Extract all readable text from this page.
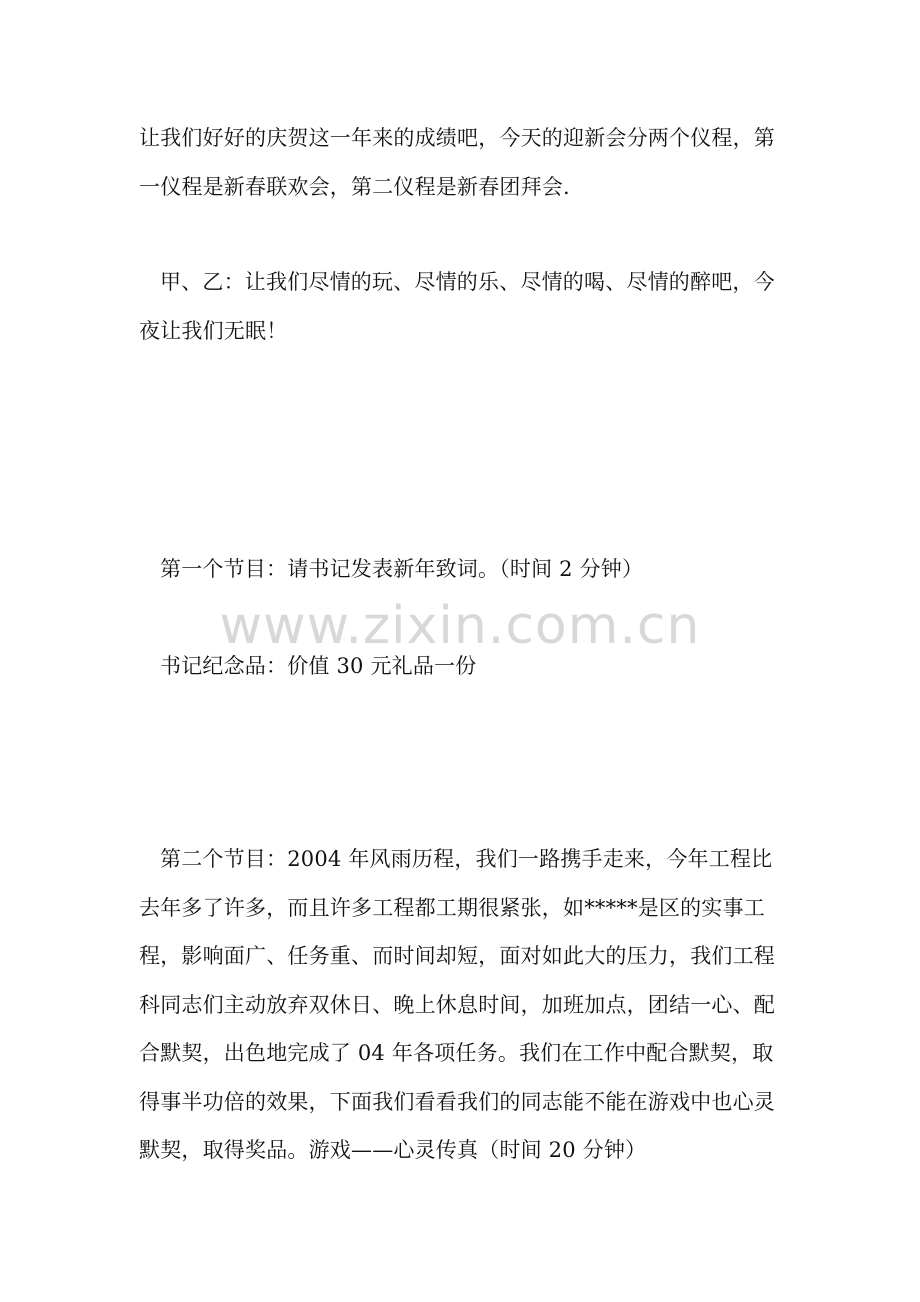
让我们好好的庆贺这一年来的成绩吧，今天的迎新会分两个仪程，第
一仪程是新春联欢会，第二仪程是新春团拜会.

甲、乙：让我们尽情的玩、尽情的乐、尽情的喝、尽情的醉吧，今
夜让我们无眠！

第一个节目：请书记发表新年致词。（时间 2 分钟）

书记纪念品：价值 30 元礼品一份

第二个节目：2004 年风雨历程，我们一路携手走来，今年工程比
去年多了许多，而且许多工程都工期很紧张，如*****是区的实事工
程，影响面广、任务重、而时间却短，面对如此大的压力，我们工程
科同志们主动放弃双休日、晚上休息时间，加班加点，团结一心、配
合默契，出色地完成了 04 年各项任务。我们在工作中配合默契，取
得事半功倍的效果，下面我们看看我们的同志能不能在游戏中也心灵
默契，取得奖品。游戏——心灵传真（时间 20 分钟）

www.zixin.com.cn
